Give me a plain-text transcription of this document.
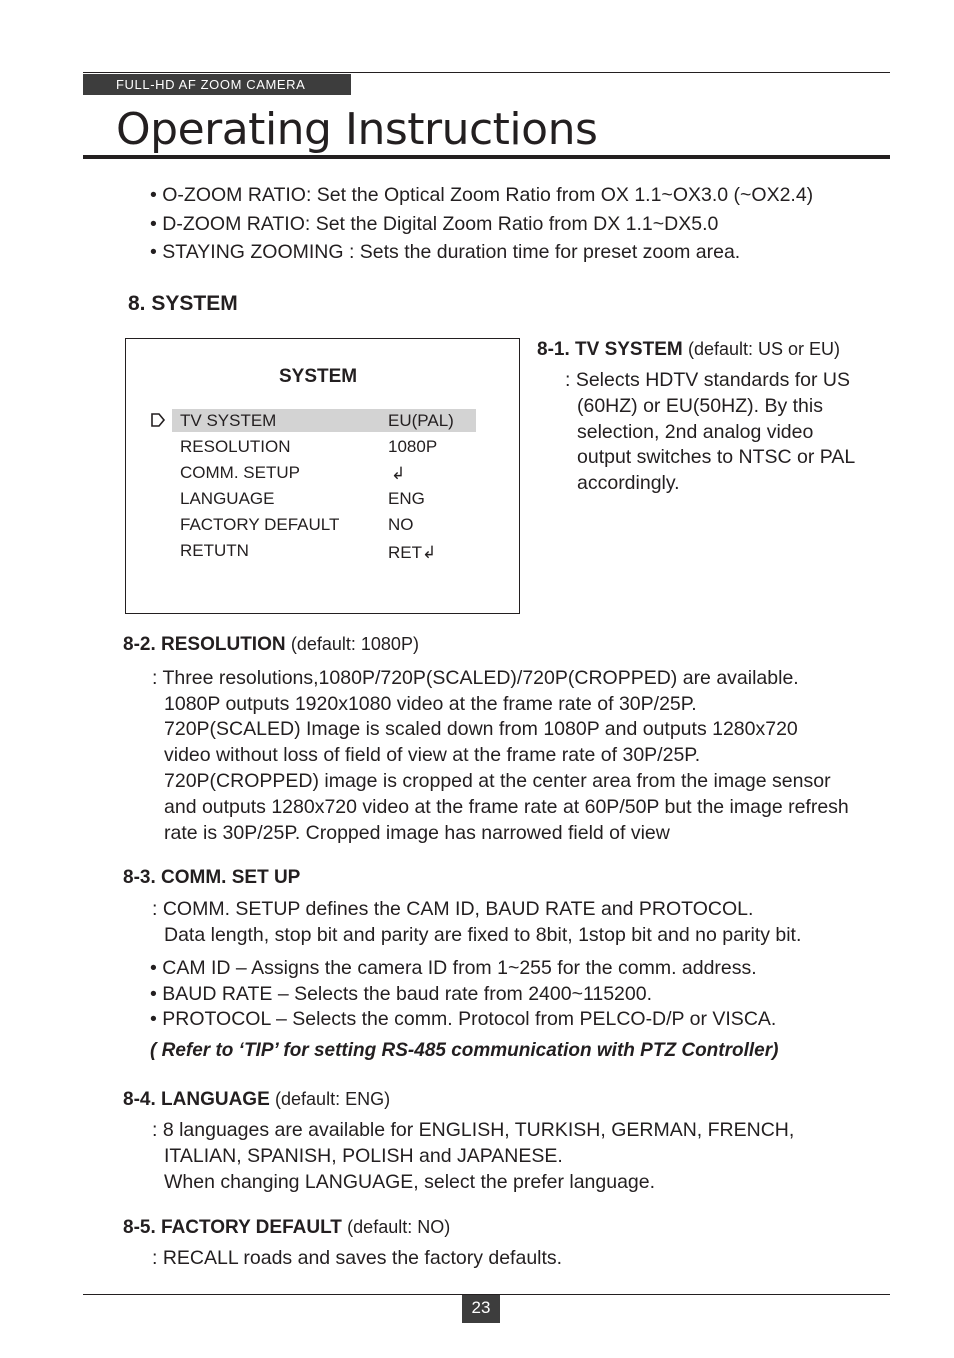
FULL-HD AF ZOOM CAMERA
Operating Instructions
• O-ZOOM RATIO: Set the Optical Zoom Ratio from OX 1.1~OX3.0 (~OX2.4)
• D-ZOOM RATIO: Set the Digital Zoom Ratio from DX 1.1~DX5.0
• STAYING ZOOMING : Sets the duration time for preset zoom area.
8. SYSTEM
SYSTEM
TV SYSTEM	EU(PAL)
RESOLUTION	1080P
COMM. SETUP	↲
LANGUAGE	ENG
FACTORY DEFAULT	NO
RETUTN	RET↲
8-1. TV SYSTEM (default: US or EU)
: Selects HDTV standards for US
(60HZ) or EU(50HZ). By this
selection, 2nd analog video
output switches to NTSC or PAL
accordingly.
8-2. RESOLUTION (default: 1080P)
: Three resolutions,1080P/720P(SCALED)/720P(CROPPED) are available.
1080P outputs 1920x1080 video at the frame rate of 30P/25P.
720P(SCALED) Image is scaled down from 1080P and outputs 1280x720
video without loss of field of view at the frame rate of 30P/25P.
720P(CROPPED) image is cropped at the center area from the image sensor
and outputs 1280x720 video at the frame rate at 60P/50P but the image refresh
rate is 30P/25P. Cropped image has narrowed field of view
8-3. COMM. SET UP
: COMM. SETUP defines the CAM ID, BAUD RATE and PROTOCOL.
Data length, stop bit and parity are fixed to 8bit, 1stop bit and no parity bit.
• CAM ID – Assigns the camera ID from 1~255 for the comm. address.
• BAUD RATE – Selects the baud rate from 2400~115200.
• PROTOCOL – Selects the comm. Protocol from PELCO-D/P or VISCA.
( Refer to ‘TIP’ for setting RS-485 communication with PTZ Controller)
8-4. LANGUAGE (default: ENG)
: 8 languages are available for ENGLISH, TURKISH, GERMAN, FRENCH,
ITALIAN, SPANISH, POLISH and JAPANESE.
When changing LANGUAGE, select the prefer language.
8-5. FACTORY DEFAULT (default: NO)
: RECALL roads and saves the factory defaults.
23
